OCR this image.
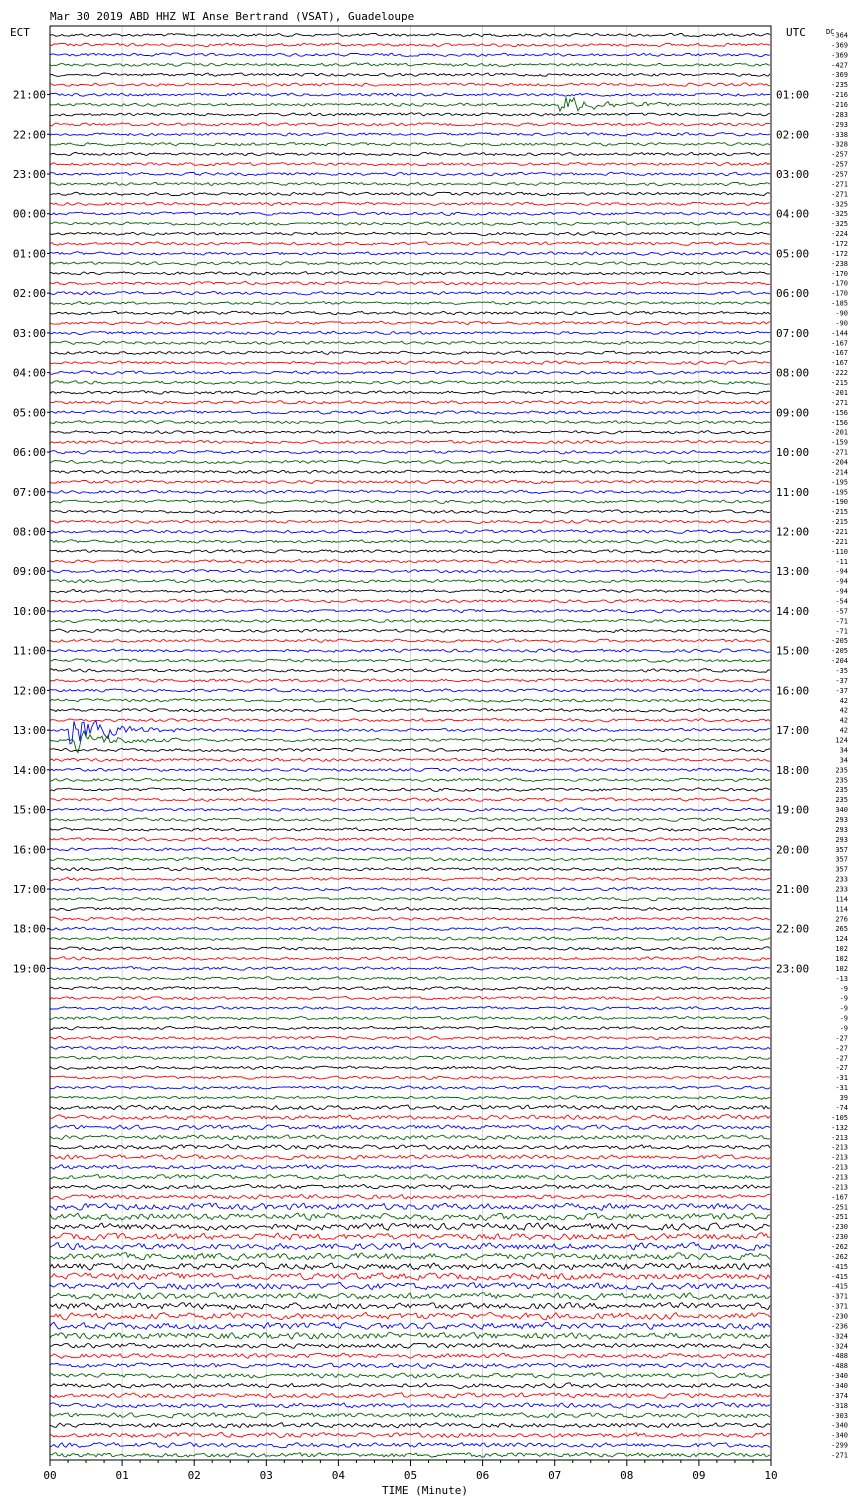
Mar 30 2019 ABD HHZ WI Anse Bertrand (VSAT), Guadeloupe
ECT	UTC	DC
21:00
22:00
23:00
00:00
01:00
02:00
03:00
04:00
05:00
06:00
07:00
08:00
09:00
10:00
11:00
12:00
13:00
14:00
15:00
16:00
17:00
18:00
19:00
01:00
02:00
03:00
04:00
05:00
06:00
07:00
08:00
09:00
10:00
11:00
12:00
13:00
14:00
15:00
16:00
17:00
18:00
19:00
20:00
21:00
22:00
23:00
-364
-369
-369
-427
-369
-235
-216
-216
-283
-293
-338
-328
-257
-257
-257
-271
-271
-325
-325
-325
-224
-172
-172
-238
-170
-170
-170
-185
-90
-90
-144
-167
-167
-167
-222
-215
-201
-271
-156
-156
-201
-159
-271
-204
-214
-195
-195
-190
-215
-215
-221
-221
-110
-11
-94
-94
-94
-54
-57
-71
-71
-205
-205
-204
-35
-37
-37
42
42
42
42
124
34
34
235
235
235
235
340
293
293
293
357
357
357
233
233
114
114
276
265
124
102
102
102
-13
-9
-9
-9
-9
-9
-27
-27
-27
-27
-31
-31
39
-74
-105
-132
-213
-213
-213
-213
-213
-213
-167
-251
-251
-230
-230
-262
-262
-415
-415
-415
-371
-371
-230
-236
-324
-324
-488
-488
-340
-340
-374
-318
-303
-340
-340
-299
-271
00	01	02	03	04	05	06	07	08	09	10
TIME (Minute)
